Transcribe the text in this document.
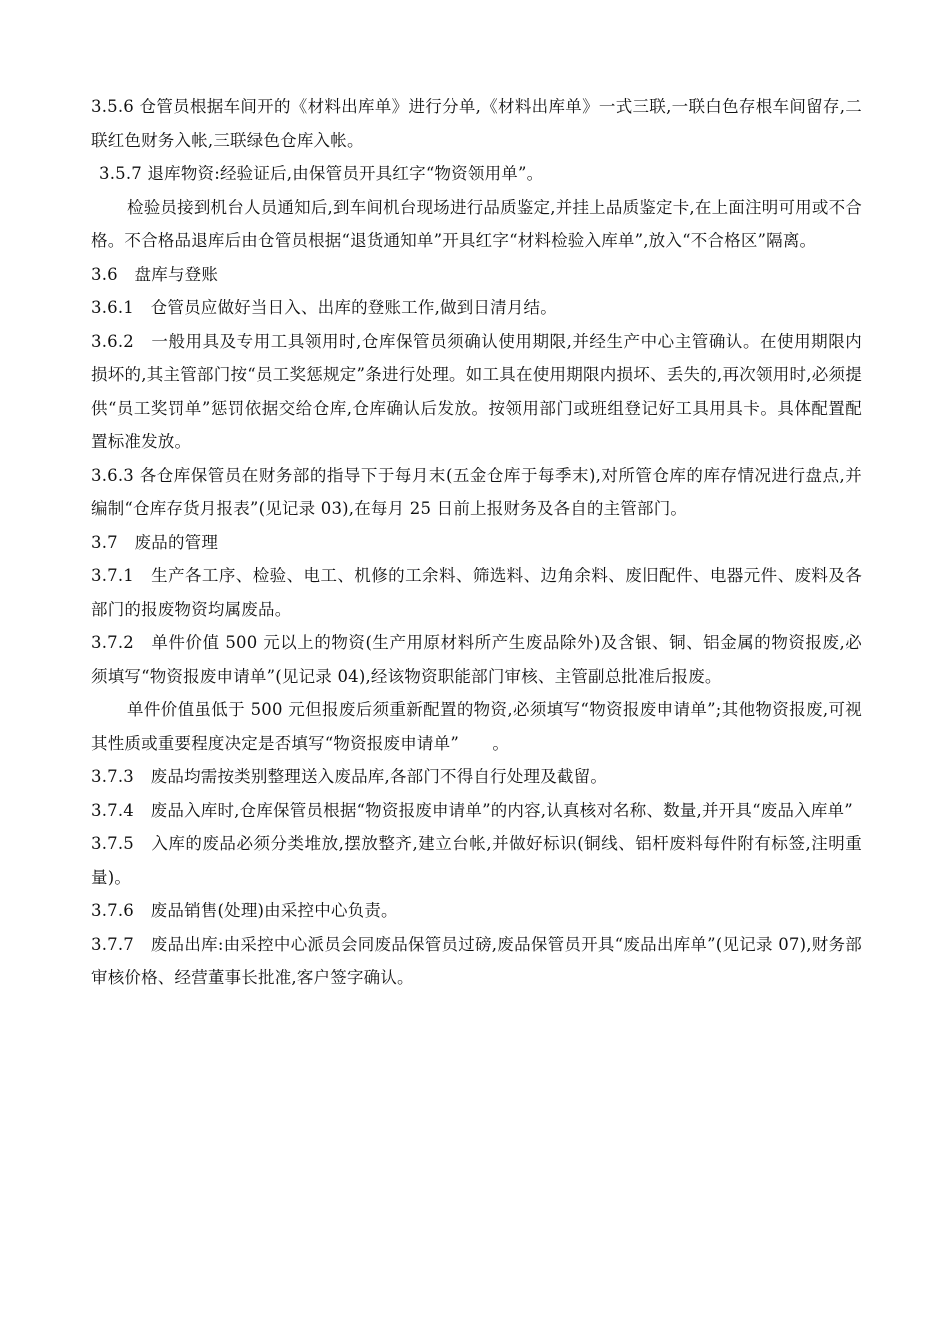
3.5.6 仓管员根据车间开的《材料出库单》进行分单,《材料出库单》一式三联,一联白色存根车间留存,二联红色财务入帐,三联绿色仓库入帐。

3.5.7 退库物资:经验证后,由保管员开具红字“物资领用单”。

检验员接到机台人员通知后,到车间机台现场进行品质鉴定,并挂上品质鉴定卡,在上面注明可用或不合格。不合格品退库后由仓管员根据“退货通知单”开具红字“材料检验入库单”,放入“不合格区”隔离。

3.6　盘库与登账

3.6.1　仓管员应做好当日入、出库的登账工作,做到日清月结。

3.6.2　一般用具及专用工具领用时,仓库保管员须确认使用期限,并经生产中心主管确认。在使用期限内损坏的,其主管部门按“员工奖惩规定”条进行处理。如工具在使用期限内损坏、丢失的,再次领用时,必须提供“员工奖罚单”惩罚依据交给仓库,仓库确认后发放。按领用部门或班组登记好工具用具卡。具体配置配置标准发放。

3.6.3 各仓库保管员在财务部的指导下于每月末(五金仓库于每季末),对所管仓库的库存情况进行盘点,并编制“仓库存货月报表”(见记录 03),在每月 25 日前上报财务及各自的主管部门。

3.7　废品的管理

3.7.1　生产各工序、检验、电工、机修的工余料、筛选料、边角余料、废旧配件、电器元件、废料及各部门的报废物资均属废品。

3.7.2　单件价值 500 元以上的物资(生产用原材料所产生废品除外)及含银、铜、铝金属的物资报废,必须填写“物资报废申请单”(见记录 04),经该物资职能部门审核、主管副总批准后报废。

单件价值虽低于 500 元但报废后须重新配置的物资,必须填写“物资报废申请单”;其他物资报废,可视其性质或重要程度决定是否填写“物资报废申请单”　　。

3.7.3　废品均需按类别整理送入废品库,各部门不得自行处理及截留。

3.7.4　废品入库时,仓库保管员根据“物资报废申请单”的内容,认真核对名称、数量,并开具“废品入库单”

3.7.5　入库的废品必须分类堆放,摆放整齐,建立台帐,并做好标识(铜线、铝杆废料每件附有标签,注明重量)。

3.7.6　废品销售(处理)由采控中心负责。

3.7.7　废品出库:由采控中心派员会同废品保管员过磅,废品保管员开具“废品出库单”(见记录 07),财务部审核价格、经营董事长批准,客户签字确认。
